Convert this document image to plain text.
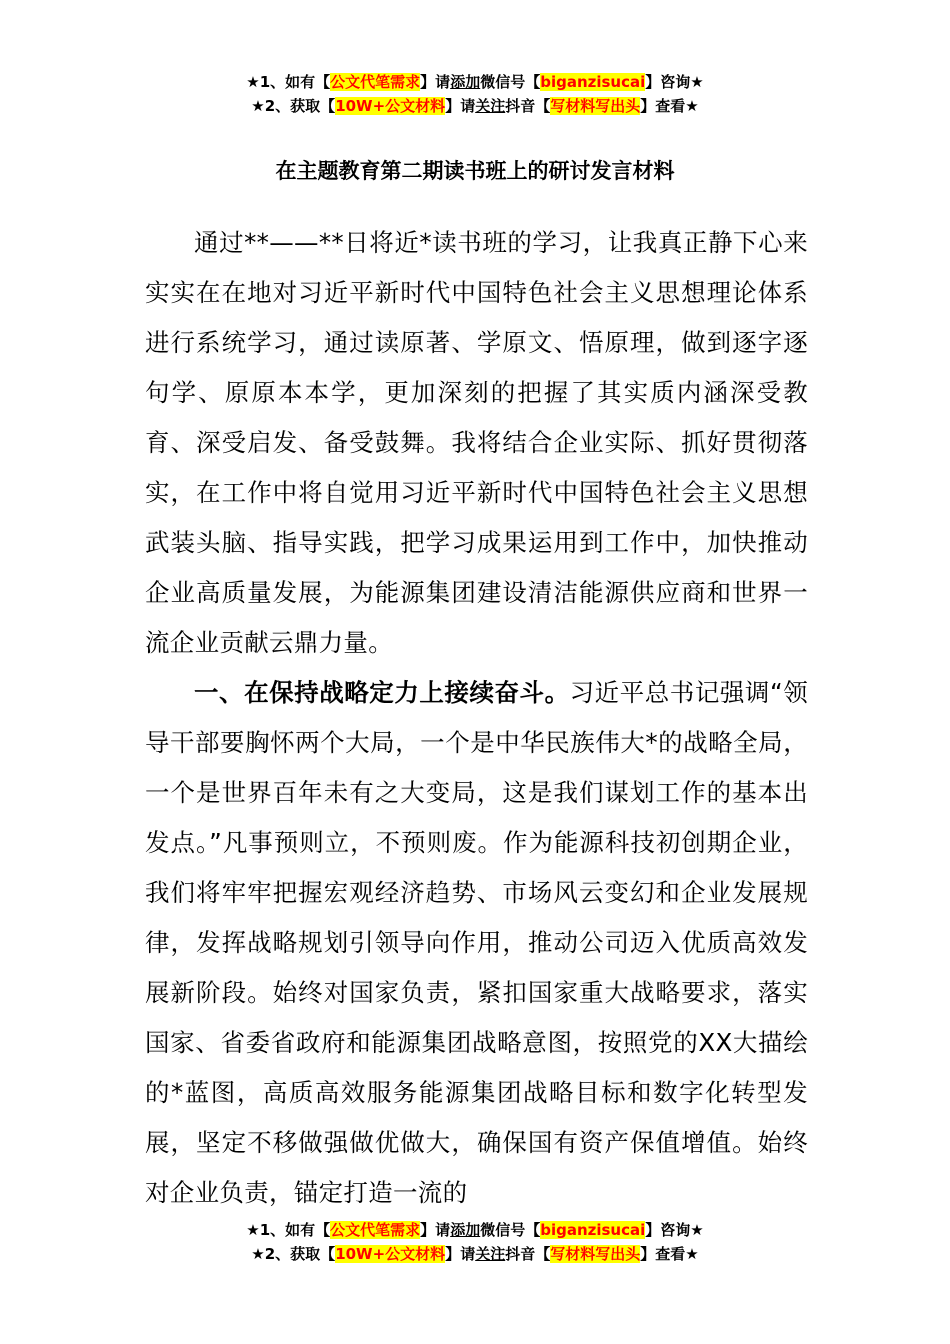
★1、如有【公文代笔需求】请添加微信号【biganzisucai】咨询★
★2、获取【10W+公文材料】请关注抖音【写材料写出头】查看★
在主题教育第二期读书班上的研讨发言材料

通过**——**日将近*读书班的学习，让我真正静下心来实实在在地对习近平新时代中国特色社会主义思想理论体系进行系统学习，通过读原著、学原文、悟原理，做到逐字逐句学、原原本本学，更加深刻的把握了其实质内涵深受教育、深受启发、备受鼓舞。我将结合企业实际、抓好贯彻落实，在工作中将自觉用习近平新时代中国特色社会主义思想武装头脑、指导实践，把学习成果运用到工作中，加快推动企业高质量发展，为能源集团建设清洁能源供应商和世界一流企业贡献云鼎力量。

一、在保持战略定力上接续奋斗。习近平总书记强调“领导干部要胸怀两个大局，一个是中华民族伟大*的战略全局，一个是世界百年未有之大变局，这是我们谋划工作的基本出发点。”凡事预则立，不预则废。作为能源科技初创期企业，我们将牢牢把握宏观经济趋势、市场风云变幻和企业发展规律，发挥战略规划引领导向作用，推动公司迈入优质高效发展新阶段。始终对国家负责，紧扣国家重大战略要求，落实国家、省委省政府和能源集团战略意图，按照党的XX大描绘的*蓝图，高质高效服务能源集团战略目标和数字化转型发展，坚定不移做强做优做大，确保国有资产保值增值。始终对企业负责，锚定打造一流的

★1、如有【公文代笔需求】请添加微信号【biganzisucai】咨询★
★2、获取【10W+公文材料】请关注抖音【写材料写出头】查看★
